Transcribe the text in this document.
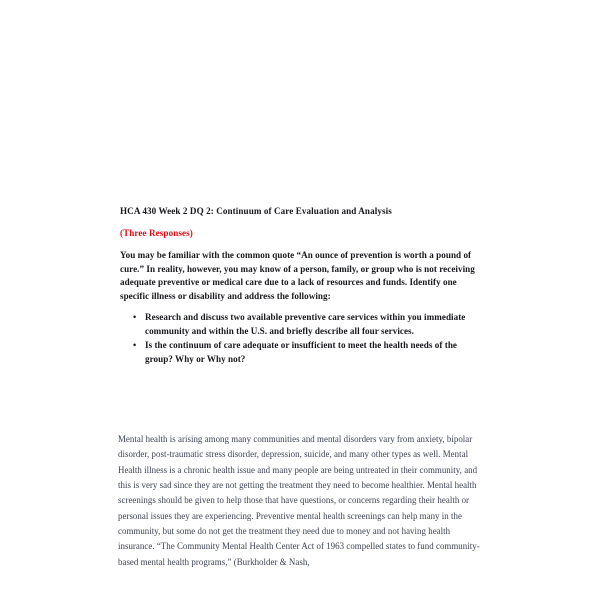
HCA 430 Week 2 DQ 2: Continuum of Care Evaluation and Analysis

(Three Responses)

You may be familiar with the common quote “An ounce of prevention is worth a pound of cure.” In reality, however, you may know of a person, family, or group who is not receiving adequate preventive or medical care due to a lack of resources and funds. Identify one specific illness or disability and address the following:

• Research and discuss two available preventive care services within you immediate community and within the U.S. and briefly describe all four services.
• Is the continuum of care adequate or insufficient to meet the health needs of the group? Why or Why not?

Mental health is arising among many communities and mental disorders vary from anxiety, bipolar disorder, post-traumatic stress disorder, depression, suicide, and many other types as well. Mental Health illness is a chronic health issue and many people are being untreated in their community, and this is very sad since they are not getting the treatment they need to become healthier. Mental health screenings should be given to help those that have questions, or concerns regarding their health or personal issues they are experiencing. Preventive mental health screenings can help many in the community, but some do not get the treatment they need due to money and not having health insurance. “The Community Mental Health Center Act of 1963 compelled states to fund community-based mental health programs,” (Burkholder & Nash,
